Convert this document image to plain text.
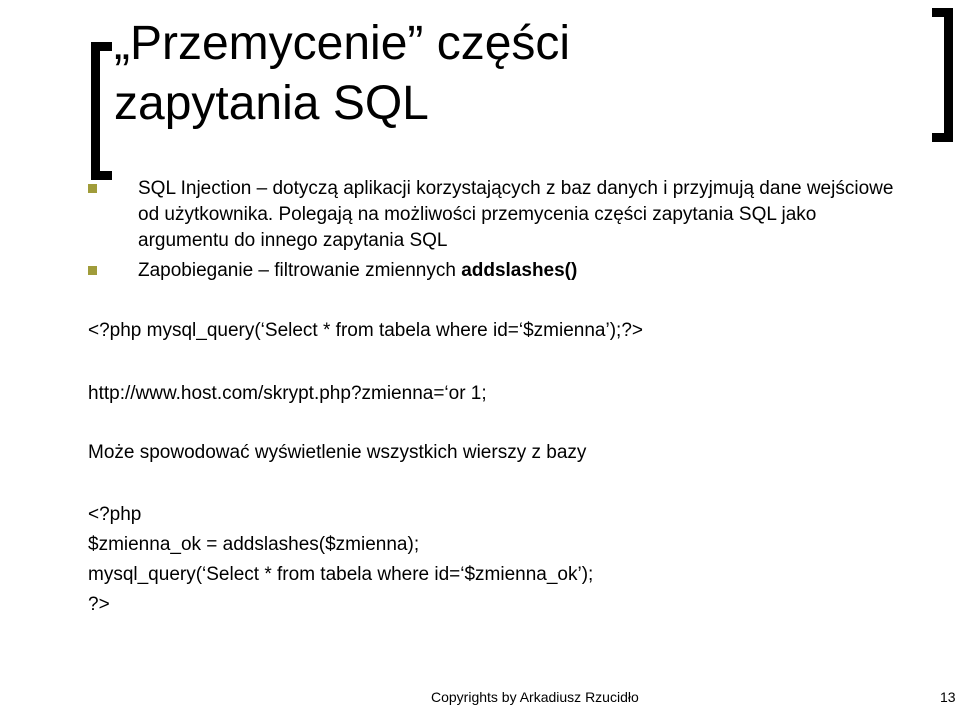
„Przemycenie” części
zapytania SQL
SQL Injection – dotyczą aplikacji korzystających z baz danych i przyjmują dane wejściowe od użytkownika. Polegają na możliwości przemycenia części zapytania SQL jako argumentu do innego zapytania SQL
Zapobieganie – filtrowanie zmiennych addslashes()

<?php mysql_query(‘Select * from tabela where id=‘$zmienna’);?>

http://www.host.com/skrypt.php?zmienna=‘or 1;

Może spowodować wyświetlenie wszystkich wierszy z bazy

<?php
$zmienna_ok = addslashes($zmienna);
mysql_query(‘Select * from tabela where id=‘$zmienna_ok’);
?>
Copyrights by Arkadiusz Rzucidło	13
